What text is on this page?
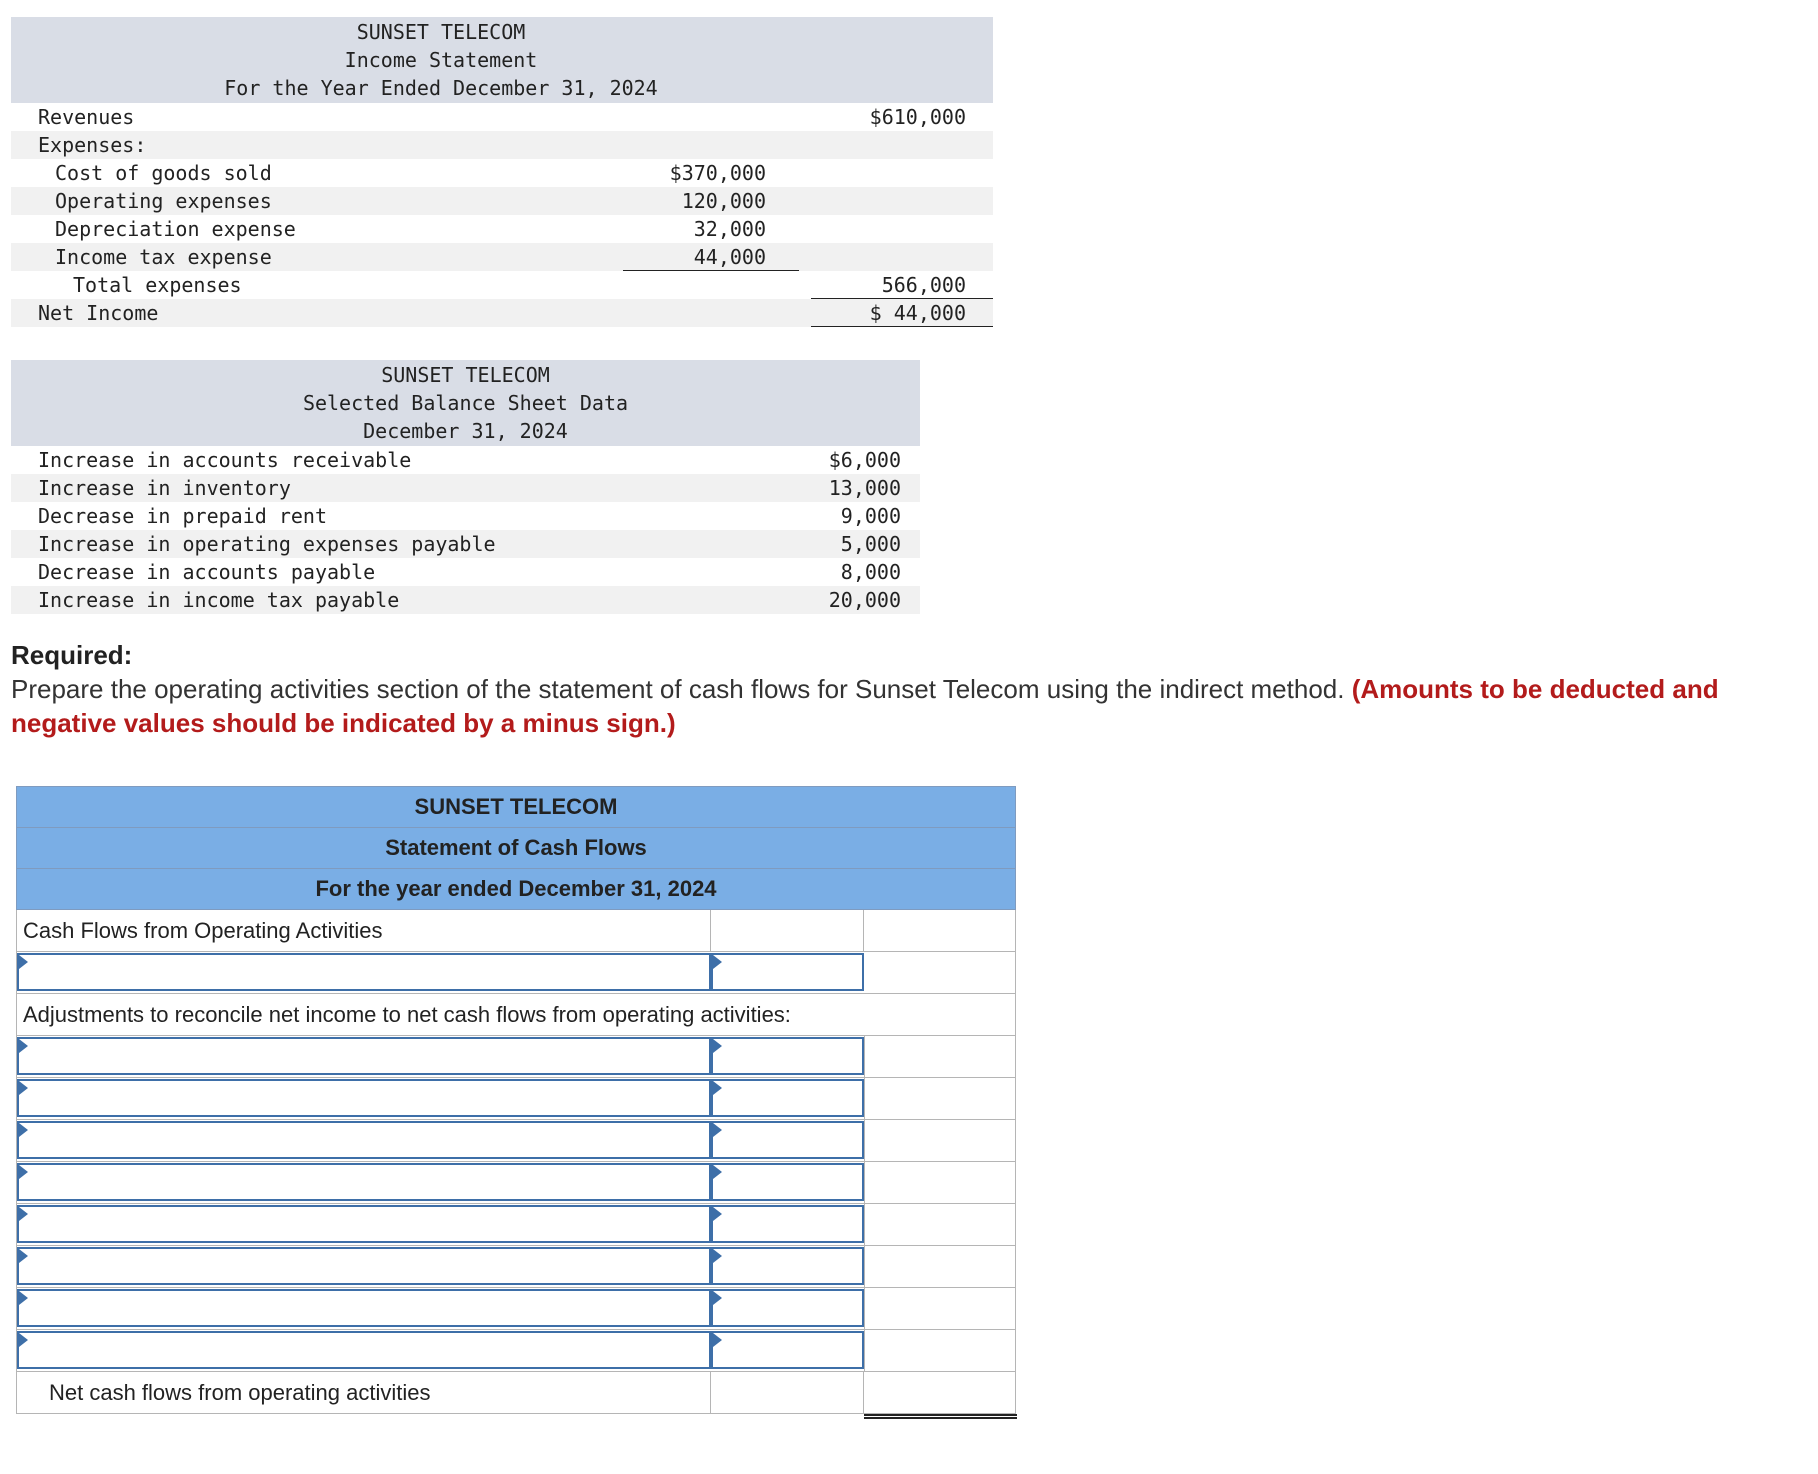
SUNSET TELECOM
Income Statement
For the Year Ended December 31, 2024
Revenues	$610,000
Expenses:
Cost of goods sold	$370,000
Operating expenses	120,000
Depreciation expense	32,000
Income tax expense	44,000
Total expenses	566,000
Net Income	$ 44,000
SUNSET TELECOM
Selected Balance Sheet Data
December 31, 2024
Increase in accounts receivable	$6,000
Increase in inventory	13,000
Decrease in prepaid rent	9,000
Increase in operating expenses payable	5,000
Decrease in accounts payable	8,000
Increase in income tax payable	20,000
Required:
Prepare the operating activities section of the statement of cash flows for Sunset Telecom using the indirect method. (Amounts to be deducted and negative values should be indicated by a minus sign.)
SUNSET TELECOM
Statement of Cash Flows
For the year ended December 31, 2024
Cash Flows from Operating Activities
Adjustments to reconcile net income to net cash flows from operating activities:
Net cash flows from operating activities
